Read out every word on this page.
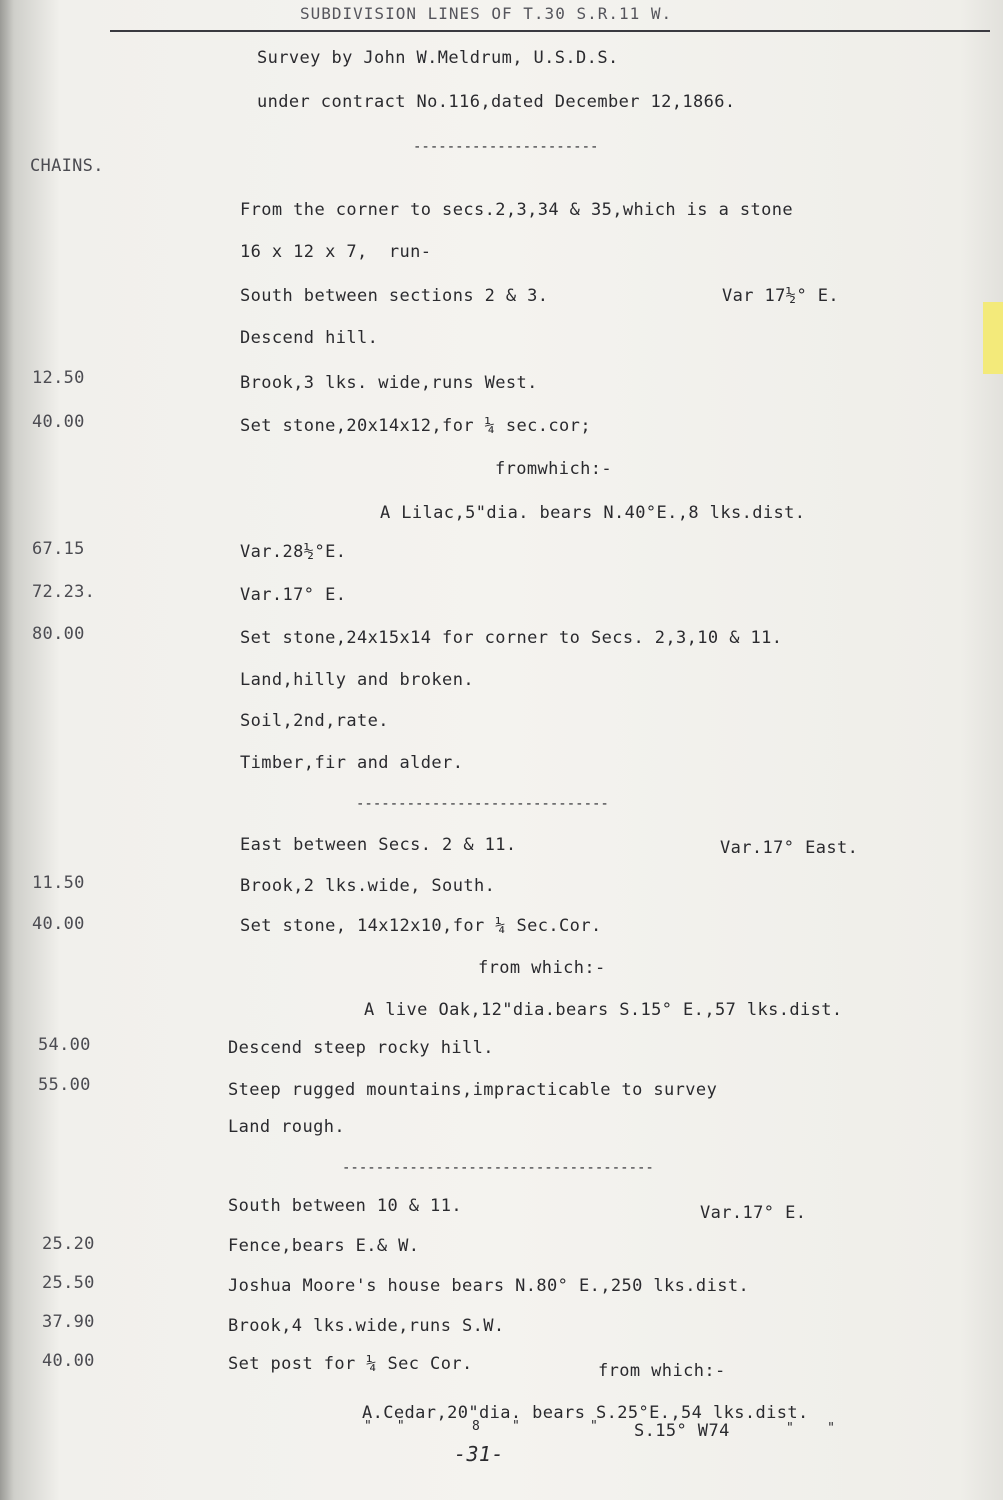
SUBDIVISION LINES OF T.30 S.R.11 W.
Survey by John W.Meldrum, U.S.D.S.
under contract No.116,dated December 12,1866.
----------------------
CHAINS.
From the corner to secs.2,3,34 & 35,which is a stone
16 x 12 x 7,  run-
South between sections 2 & 3.	Var 17½° E.
Descend hill.
12.50	Brook,3 lks. wide,runs West.
40.00	Set stone,20x14x12,for ¼ sec.cor;
fromwhich:-
A Lilac,5"dia. bears N.40°E.,8 lks.dist.
67.15	Var.28½°E.
72.23.	Var.17° E.
80.00	Set stone,24x15x14 for corner to Secs. 2,3,10 & 11.
Land,hilly and broken.
Soil,2nd,rate.
Timber,fir and alder.
------------------------------
East between Secs. 2 & 11.	Var.17° East.
11.50	Brook,2 lks.wide, South.
40.00	Set stone, 14x12x10,for ¼ Sec.Cor.
from which:-
A live Oak,12"dia.bears S.15° E.,57 lks.dist.
54.00	Descend steep rocky hill.
55.00	Steep rugged mountains,impracticable to survey
Land rough.
-------------------------------------
South between 10 & 11.	Var.17° E.
25.20	Fence,bears E.& W.
25.50	Joshua Moore's house bears N.80° E.,250 lks.dist.
37.90	Brook,4 lks.wide,runs S.W.
40.00	Set post for ¼ Sec Cor.	from which:-
A.Cedar,20"dia. bears S.25°E.,54 lks.dist.
"   "	8 "	" S.15° W74	"    "
-31-
